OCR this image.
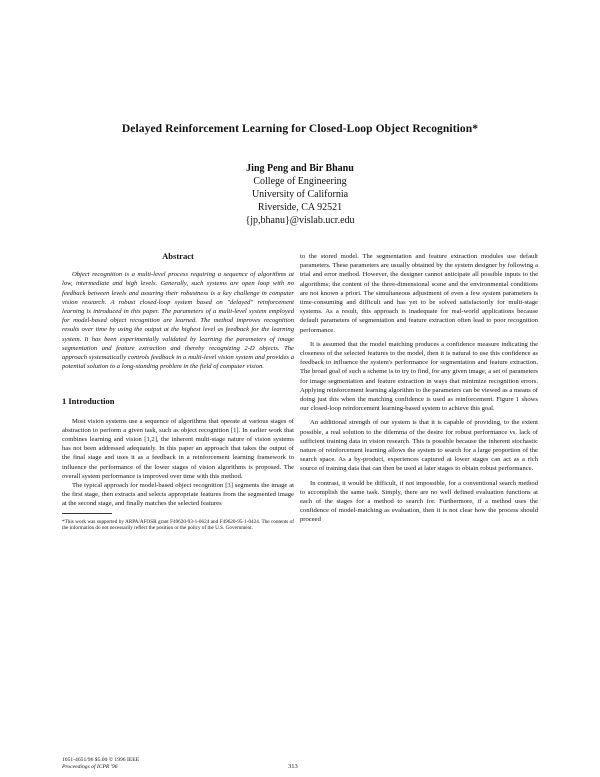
Delayed Reinforcement Learning for Closed-Loop Object Recognition*
Jing Peng and Bir Bhanu
College of Engineering
University of California
Riverside, CA 92521
{jp,bhanu}@vislab.ucr.edu
Abstract

Object recognition is a multi-level process requiring a sequence of algorithms at low, intermediate and high levels. Generally, such systems are open loop with no feedback between levels and assuring their robustness is a key challenge in computer vision research. A robust closed-loop system based on "delayed" reinforcement learning is introduced in this paper. The parameters of a multi-level system employed for model-based object recognition are learned. The method improves recognition results over time by using the output at the highest level as feedback for the learning system. It has been experimentally validated by learning the parameters of image segmentation and feature extraction and thereby recognizing 2-D objects. The approach systematically controls feedback in a multi-level vision system and provides a potential solution to a long-standing problem in the field of computer vision.

1 Introduction

Most vision systems use a sequence of algorithms that operate at various stages of abstraction to perform a given task, such as object recognition [1]. In earlier work that combines learning and vision [1,2], the inherent multi-stage nature of vision systems has not been addressed adequately. In this paper an approach that takes the output of the final stage and uses it as a feedback in a reinforcement learning framework to influence the performance of the lower stages of vision algorithms is proposed. The overall system performance is improved over time with this method.

The typical approach for model-based object recognition [3] segments the image at the first stage, then extracts and selects appropriate features from the segmented image at the second stage, and finally matches the selected features

*This work was supported by ARPA/AFOSR grant F49620-93-1-0624 and F49620-95-1-0424. The contents of the information do not necessarily reflect the position or the policy of the U.S. Government.

to the stored model. The segmentation and feature extraction modules use default parameters. These parameters are usually obtained by the system designer by following a trial and error method. However, the designer cannot anticipate all possible inputs to the algorithms; the content of the three-dimensional scene and the environmental conditions are not known a priori. The simultaneous adjustment of even a few system parameters is time-consuming and difficult and has yet to be solved satisfactorily for multi-stage systems. As a result, this approach is inadequate for real-world applications because default parameters of segmentation and feature extraction often lead to poor recognition performance.

It is assumed that the model matching produces a confidence measure indicating the closeness of the selected features to the model, then it is natural to use this confidence as feedback to influence the system's performance for segmentation and feature extraction. The broad goal of such a scheme is to try to find, for any given image, a set of parameters for image segmentation and feature extraction in ways that minimize recognition errors. Applying reinforcement learning algorithm to the parameters can be viewed as a means of doing just this when the matching confidence is used as reinforcement. Figure 1 shows our closed-loop reinforcement learning-based system to achieve this goal.

An additional strength of our system is that it is capable of providing, to the extent possible, a real solution to the dilemma of the desire for robust performance vs. lack of sufficient training data in vision research. This is possible because the inherent stochastic nature of reinforcement learning allows the system to search for a large proportion of the search space. As a by-product, experiences captured at lower stages can act as a rich source of training data that can then be used at later stages to obtain robust performance.

In contrast, it would be difficult, if not impossible, for a conventional search method to accomplish the same task. Simply, there are no well defined evaluation functions at each of the stages for a method to search for. Furthermore, if a method uses the confidence of model-matching as evaluation, then it is not clear how the process should proceed

1051-4651/96 $5.00 © 1996 IEEE
Proceedings of ICPR '96	313
